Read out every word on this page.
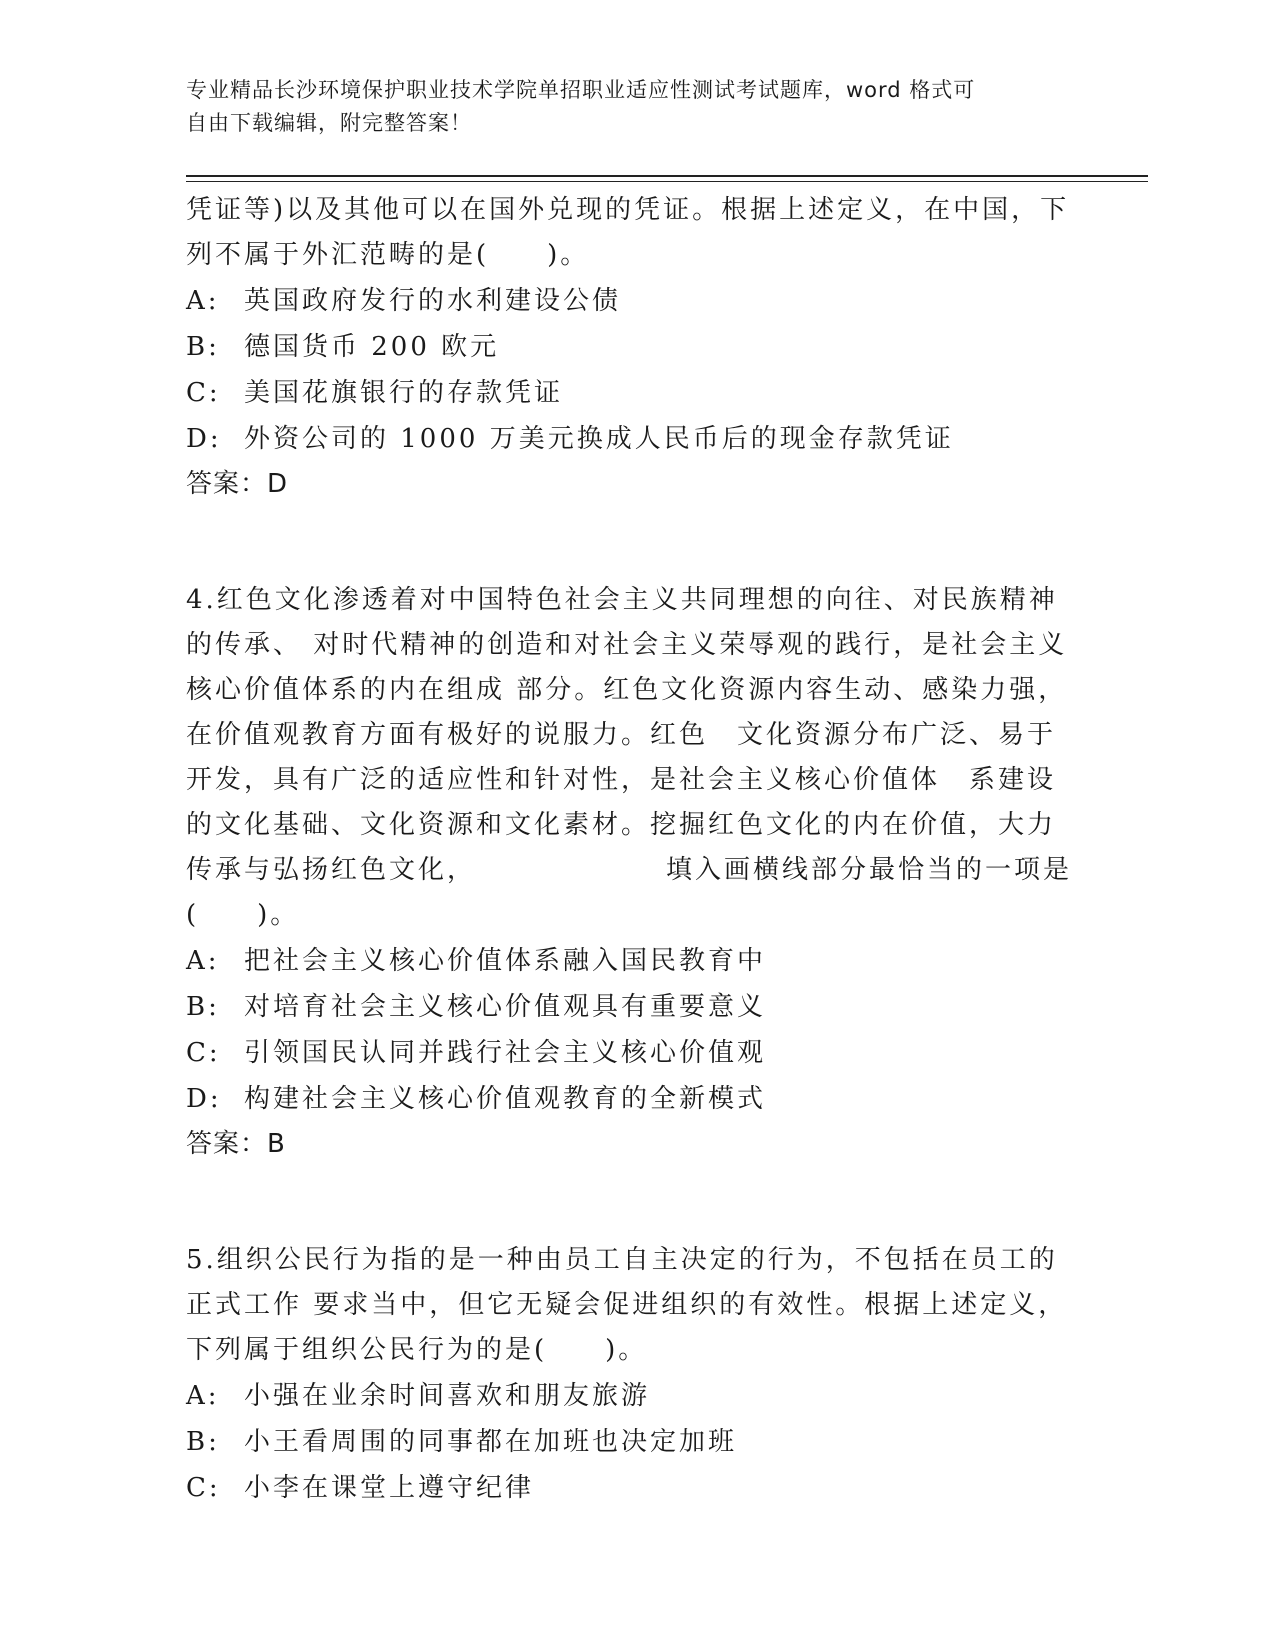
专业精品长沙环境保护职业技术学院单招职业适应性测试考试题库，word 格式可
自由下载编辑，附完整答案！
凭证等)以及其他可以在国外兑现的凭证。根据上述定义，在中国，下
列不属于外汇范畴的是(　　)。
A: 英国政府发行的水利建设公债
B: 德国货币 200 欧元
C: 美国花旗银行的存款凭证
D: 外资公司的 1000 万美元换成人民币后的现金存款凭证
答案：D
4.红色文化渗透着对中国特色社会主义共同理想的向往、对民族精神
的传承、 对时代精神的创造和对社会主义荣辱观的践行，是社会主义
核心价值体系的内在组成 部分。红色文化资源内容生动、感染力强，
在价值观教育方面有极好的说服力。红色　文化资源分布广泛、易于
开发，具有广泛的适应性和针对性，是社会主义核心价值体　系建设
的文化基础、文化资源和文化素材。挖掘红色文化的内在价值，大力
传承与弘扬红色文化，　　　　　　　填入画横线部分最恰当的一项是
(　　)。
A: 把社会主义核心价值体系融入国民教育中
B: 对培育社会主义核心价值观具有重要意义
C: 引领国民认同并践行社会主义核心价值观
D: 构建社会主义核心价值观教育的全新模式
答案：B
5.组织公民行为指的是一种由员工自主决定的行为，不包括在员工的
正式工作 要求当中，但它无疑会促进组织的有效性。根据上述定义，
下列属于组织公民行为的是(　　)。
A: 小强在业余时间喜欢和朋友旅游
B: 小王看周围的同事都在加班也决定加班
C: 小李在课堂上遵守纪律
